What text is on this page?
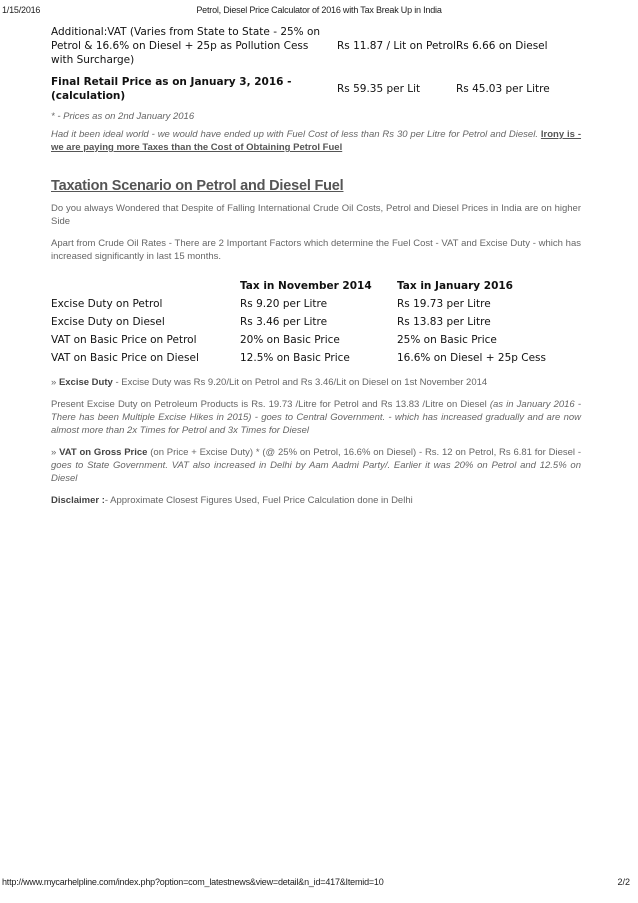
1/15/2016	Petrol, Diesel Price Calculator of 2016 with Tax Break Up in India
Additional:VAT (Varies from State to State - 25% on Petrol & 16.6% on Diesel + 25p as Pollution Cess with Surcharge)	Rs 11.87 / Lit on Petrol	Rs 6.66 on Diesel
Final Retail Price as on January 3, 2016 - (calculation)	Rs 59.35 per Lit	Rs 45.03 per Litre
* - Prices as on 2nd January 2016
Had it been ideal world - we would have ended up with Fuel Cost of less than Rs 30 per Litre for Petrol and Diesel. Irony is - we are paying more Taxes than the Cost of Obtaining Petrol Fuel
Taxation Scenario on Petrol and Diesel Fuel
Do you always Wondered that Despite of Falling International Crude Oil Costs, Petrol and Diesel Prices in India are on higher Side
Apart from Crude Oil Rates - There are 2 Important Factors which determine the Fuel Cost - VAT and Excise Duty - which has increased significantly in last 15 months.
	Tax in November 2014	Tax in January 2016
Excise Duty on Petrol	Rs 9.20 per Litre	Rs 19.73 per Litre
Excise Duty on Diesel	Rs 3.46 per Litre	Rs 13.83 per Litre
VAT on Basic Price on Petrol	20% on Basic Price	25% on Basic Price
VAT on Basic Price on Diesel	12.5% on Basic Price	16.6% on Diesel + 25p Cess
» Excise Duty - Excise Duty was Rs 9.20/Lit on Petrol and Rs 3.46/Lit on Diesel on 1st November 2014
Present Excise Duty on Petroleum Products is Rs. 19.73 /Litre for Petrol and Rs 13.83 /Litre on Diesel (as in January 2016 -There has been Multiple Excise Hikes in 2015) - goes to Central Government. - which has increased gradually and are now almost more than 2x Times for Petrol and 3x Times for Diesel
» VAT on Gross Price (on Price + Excise Duty) * (@ 25% on Petrol, 16.6% on Diesel) - Rs. 12 on Petrol, Rs 6.81 for Diesel - goes to State Government. VAT also increased in Delhi by Aam Aadmi Party/. Earlier it was 20% on Petrol and 12.5% on Diesel
Disclaimer :- Approximate Closest Figures Used, Fuel Price Calculation done in Delhi
http://www.mycarhelpline.com/index.php?option=com_latestnews&view=detail&n_id=417&Itemid=10	2/2
